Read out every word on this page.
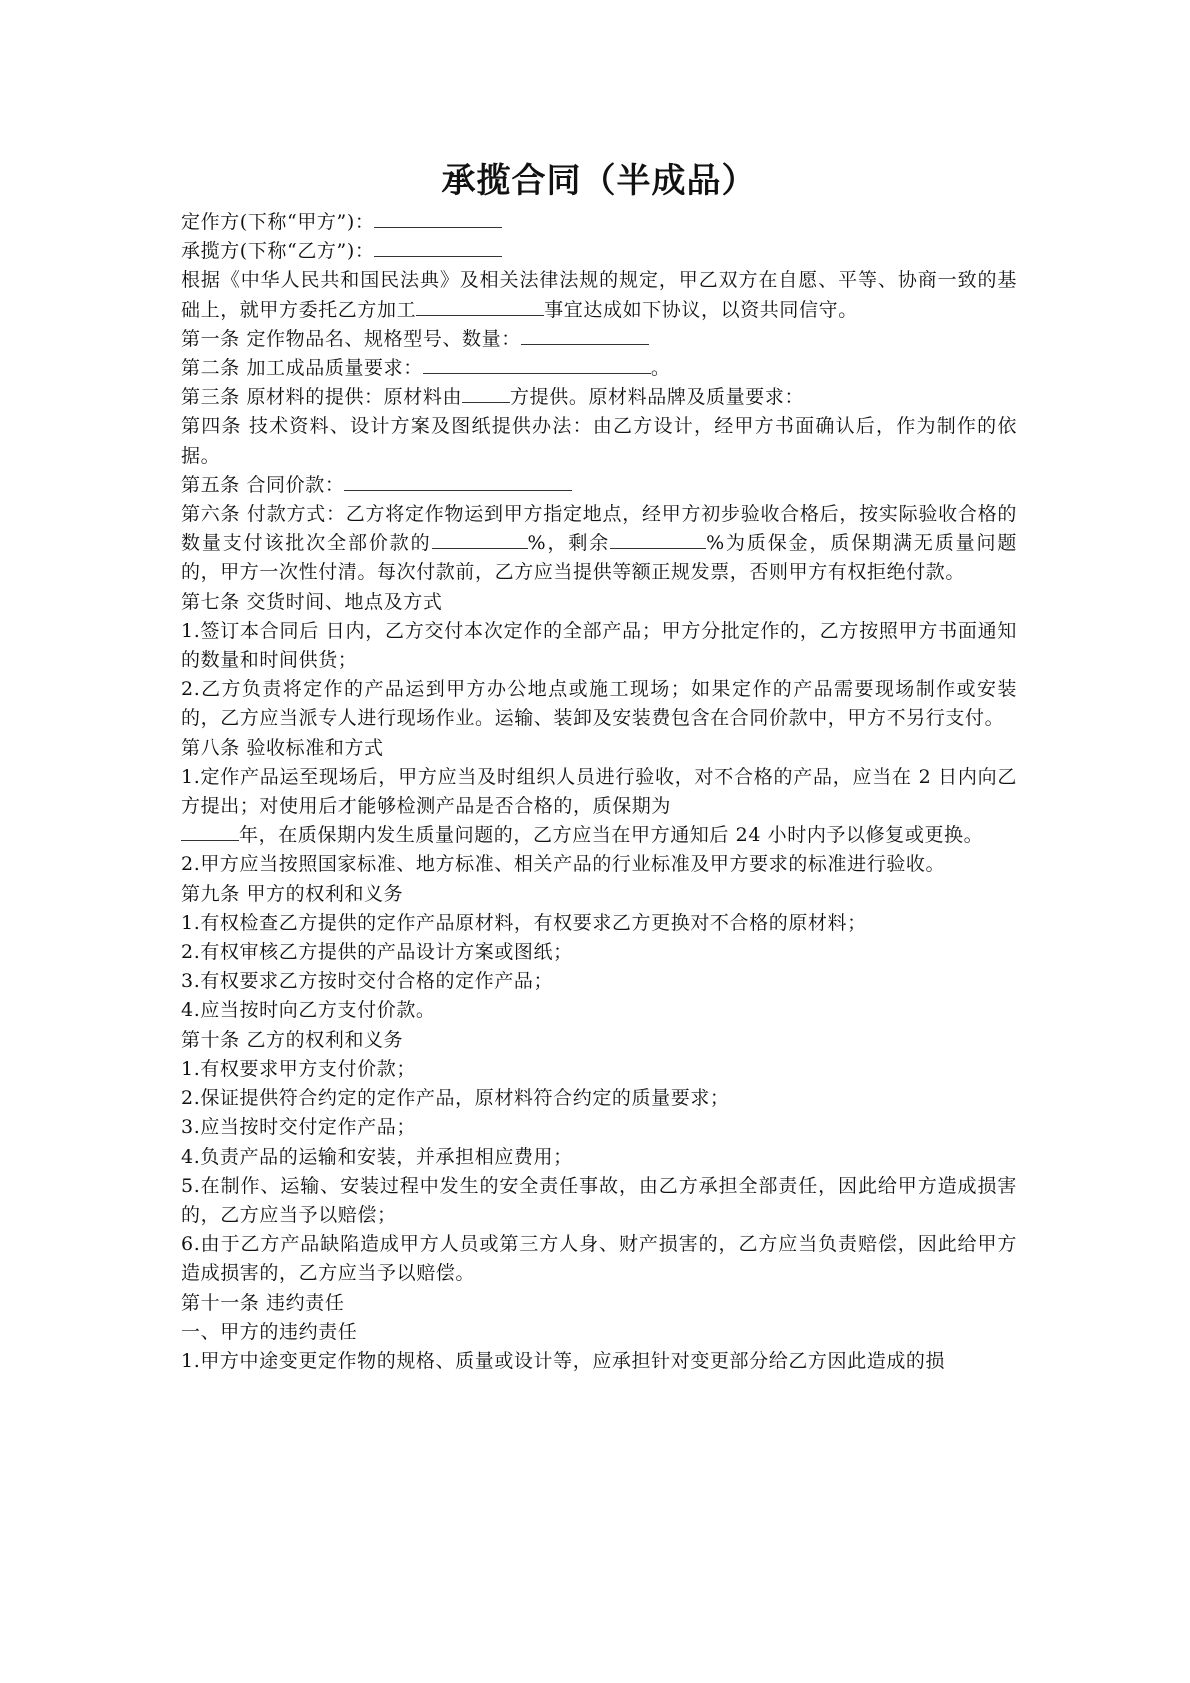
承揽合同（半成品）
定作方(下称“甲方”)：
承揽方(下称“乙方”)：
根据《中华人民共和国民法典》及相关法律法规的规定，甲乙双方在自愿、平等、协商一致的基础上，就甲方委托乙方加工	事宜达成如下协议，以资共同信守。
第一条 定作物品名、规格型号、数量：
第二条 加工成品质量要求：	。
第三条 原材料的提供：原材料由	方提供。原材料品牌及质量要求：
第四条 技术资料、设计方案及图纸提供办法：由乙方设计，经甲方书面确认后，作为制作的依据。
第五条 合同价款：
第六条 付款方式：乙方将定作物运到甲方指定地点，经甲方初步验收合格后，按实际验收合格的数量支付该批次全部价款的	%，剩余	%为质保金，质保期满无质量问题的，甲方一次性付清。每次付款前，乙方应当提供等额正规发票，否则甲方有权拒绝付款。
第七条 交货时间、地点及方式
1.签订本合同后 日内，乙方交付本次定作的全部产品；甲方分批定作的，乙方按照甲方书面通知的数量和时间供货；
2.乙方负责将定作的产品运到甲方办公地点或施工现场；如果定作的产品需要现场制作或安装的，乙方应当派专人进行现场作业。运输、装卸及安装费包含在合同价款中，甲方不另行支付。
第八条 验收标准和方式
1.定作产品运至现场后，甲方应当及时组织人员进行验收，对不合格的产品，应当在 2 日内向乙方提出；对使用后才能够检测产品是否合格的，质保期为年，在质保期内发生质量问题的，乙方应当在甲方通知后 24 小时内予以修复或更换。
2.甲方应当按照国家标准、地方标准、相关产品的行业标准及甲方要求的标准进行验收。
第九条 甲方的权利和义务
1.有权检查乙方提供的定作产品原材料，有权要求乙方更换对不合格的原材料；
2.有权审核乙方提供的产品设计方案或图纸；
3.有权要求乙方按时交付合格的定作产品；
4.应当按时向乙方支付价款。
第十条 乙方的权利和义务
1.有权要求甲方支付价款；
2.保证提供符合约定的定作产品，原材料符合约定的质量要求；
3.应当按时交付定作产品；
4.负责产品的运输和安装，并承担相应费用；
5.在制作、运输、安装过程中发生的安全责任事故，由乙方承担全部责任，因此给甲方造成损害的，乙方应当予以赔偿；
6.由于乙方产品缺陷造成甲方人员或第三方人身、财产损害的，乙方应当负责赔偿，因此给甲方造成损害的，乙方应当予以赔偿。
第十一条 违约责任
一、甲方的违约责任
1.甲方中途变更定作物的规格、质量或设计等，应承担针对变更部分给乙方因此造成的损
